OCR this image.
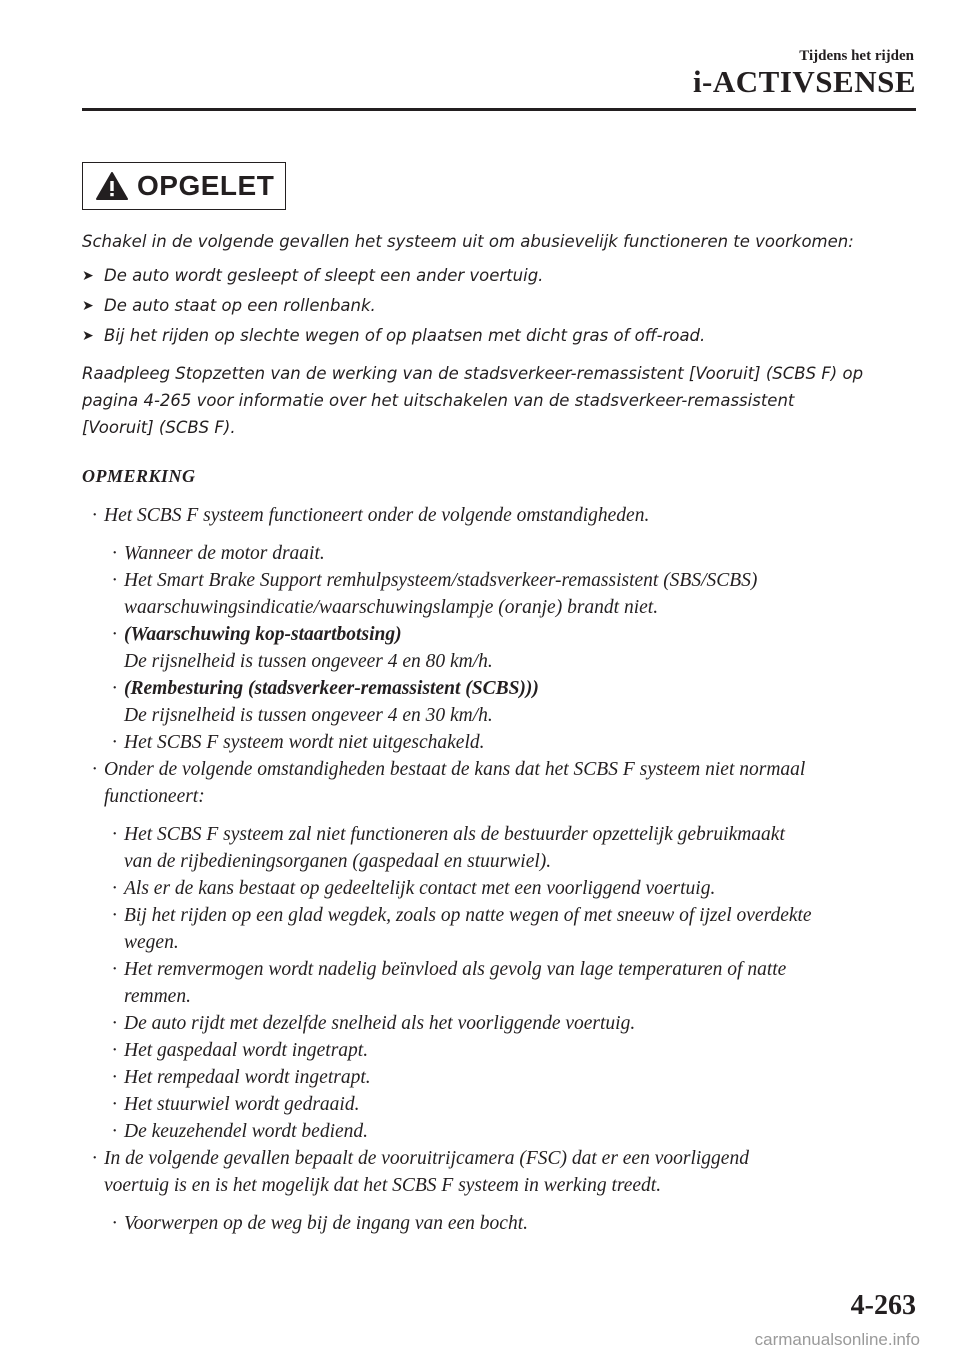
Tijdens het rijden
i-ACTIVSENSE
OPGELET
Schakel in de volgende gevallen het systeem uit om abusievelijk functioneren te voorkomen:
➤ De auto wordt gesleept of sleept een ander voertuig.
➤ De auto staat op een rollenbank.
➤ Bij het rijden op slechte wegen of op plaatsen met dicht gras of off-road.
Raadpleeg Stopzetten van de werking van de stadsverkeer-remassistent [Vooruit] (SCBS F) op
pagina 4-265 voor informatie over het uitschakelen van de stadsverkeer-remassistent
[Vooruit] (SCBS F).
OPMERKING
· Het SCBS F systeem functioneert onder de volgende omstandigheden.
· Wanneer de motor draait.
· Het Smart Brake Support remhulpsysteem/stadsverkeer-remassistent (SBS/SCBS)
waarschuwingsindicatie/waarschuwingslampje (oranje) brandt niet.
· (Waarschuwing kop-staartbotsing)
De rijsnelheid is tussen ongeveer 4 en 80 km/h.
· (Rembesturing (stadsverkeer-remassistent (SCBS)))
De rijsnelheid is tussen ongeveer 4 en 30 km/h.
· Het SCBS F systeem wordt niet uitgeschakeld.
· Onder de volgende omstandigheden bestaat de kans dat het SCBS F systeem niet normaal
functioneert:
· Het SCBS F systeem zal niet functioneren als de bestuurder opzettelijk gebruikmaakt
van de rijbedieningsorganen (gaspedaal en stuurwiel).
· Als er de kans bestaat op gedeeltelijk contact met een voorliggend voertuig.
· Bij het rijden op een glad wegdek, zoals op natte wegen of met sneeuw of ijzel overdekte
wegen.
· Het remvermogen wordt nadelig beïnvloed als gevolg van lage temperaturen of natte
remmen.
· De auto rijdt met dezelfde snelheid als het voorliggende voertuig.
· Het gaspedaal wordt ingetrapt.
· Het rempedaal wordt ingetrapt.
· Het stuurwiel wordt gedraaid.
· De keuzehendel wordt bediend.
· In de volgende gevallen bepaalt de vooruitrijcamera (FSC) dat er een voorliggend
voertuig is en is het mogelijk dat het SCBS F systeem in werking treedt.
· Voorwerpen op de weg bij de ingang van een bocht.
4-263
carmanualsonline.info
